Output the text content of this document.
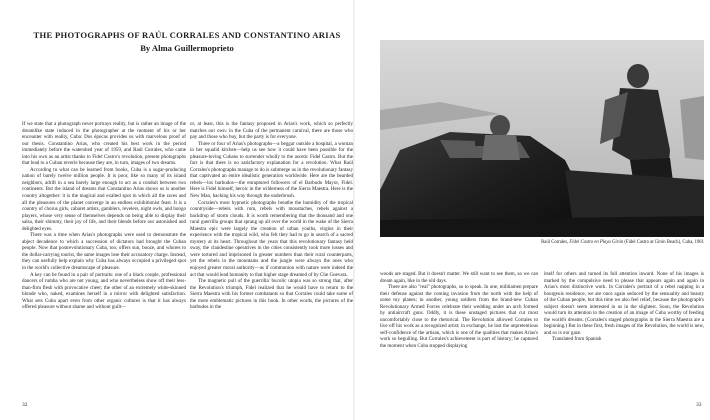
THE PHOTOGRAPHS OF RAÚL CORRALES AND CONSTANTINO ARIAS
By Alma Guillermoprieto

If we state that a photograph never portrays reality, but is rather an image of the dreamlike state induced in the photographer at the moment of his or her encounter with reality, Cuba: Dos épocas provides us with marvelous proof of our thesis. Constantino Arias, who created his best work in the period immediately before the watershed year of 1959, and Raúl Corrales, who came into his own as an artist thanks to Fidel Castro's revolution, present photographs that lead to a Cuban reverie because they are, in turn, images of two dreams.

According to what can be learned from books, Cuba is a sugar-producing nation of barely twelve million people. It is poor, like so many of its island neighbors, adrift in a sea barely large enough to act as a conduit between two continents. But the island of dreams that Constantino Arias shows us is another country altogether: it is the magical and exalted spot in which all the races and all the pleasures of the planet converge in an endless exhibitionist feast. It is a country of chorus girls, cabaret artists, gamblers, revelers, night owls, and bongo players, whose very sense of themselves depends on being able to display their salsa, their shimmy, their joy of life, and their blends before our astonished and delighted eyes.

There was a time when Arias's photographs were used to demonstrate the abject decadence to which a succession of dictators had brought the Cuban people. Now that postrevolutionary Cuba, too, offers sun, booze, and whores to the dollar-carrying tourist, the same images lose their accusatory charge. Instead, they can usefully help explain why Cuba has always occupied a privileged spot in the world's collective dreamscape of pleasure.

A key can be found in a pair of portraits: one of a black couple, professional dancers of rumba who are not young, and who nevertheless show off their less-than-firm flesh with provocative cheer; the other of an extremely white-skinned blonde who, naked, examines herself in a mirror with delighted satisfaction. What sets Cuba apart even from other organic cultures is that it has always offered pleasure without shame and without guilt—

or, at least, this is the fantasy proposed in Arias's work, which so perfectly matches our own: in the Cuba of the permanent carnival, there are those who pay and those who buy, but the party is for everyone.

Three or four of Arias's photographs—a beggar outside a hospital, a woman in her squalid kitchen—help us see how it could have been possible for the pleasure-loving Cubans to surrender wholly to the ascetic Fidel Castro. But the fact is that there is no satisfactory explanation for a revolution. What Raúl Corrales's photographs manage to do is submerge us in the revolutionary fantasy that captivated an entire idealistic generation worldwide. Here are the bearded rebels—los barbudos—the enraptured followers of el Barbudo Mayor, Fidel. Here is Fidel himself, heroic in the wilderness of the Sierra Maestra. Here is the New Man, hacking his way through the underbrush.

Corrales's most hypnotic photographs breathe the humidity of the tropical countryside—rebels with rum, rebels with moustaches, rebels against a backdrop of storm clouds. It is worth remembering that the thousand and one rural guerrilla groups that sprang up all over the world in the wake of the Sierra Maestra epic were largely the creation of urban youths, virgins in their experience with the tropical wild, who felt they had to go in search of a sacred mystery at its heart. Throughout the years that this revolutionary fantasy held sway, the clandestine operatives in the cities consistently took more losses and were tortured and imprisoned in greater numbers than their rural counterparts, yet the rebels in the mountains and the jungle were always the ones who enjoyed greater moral authority—as if communion with nature were indeed the act that would lead humanity to that higher stage dreamed of by Che Guevara.

The magnetic pull of the guerrilla' bucolic utopia was so strong that, after the Revolution's triumph, Fidel realized that he would have to return to the Sierra Maestra with his former combatants so that Corrales could take some of the more emblematic pictures in this book. In other words, the pictures of the barbudos in the

Raúl Corrales, Fidel Castro en Playa Girón (Fidel Castro at Girón Beach), Cuba, 1961

woods are staged. But it doesn't matter. We still want to see them, so we can dream again, like in the old days.

There are also "real" photographs, so to speak. In one, militiamen prepare their defense against the coming invasion from the north with the help of some toy planes; in another, young soldiers from the brand-new Cuban Revolutionary Armed Forces celebrate their wedding under an arch formed by antiaircraft guns. Oddly, it is these unstaged pictures that cut most uncomfortably close to the rhetorical. The Revolution allowed Corrales to live off his work as a recognized artist; in exchange, he lost the unpretentious self-confidence of the artisan, which is one of the qualities that makes Arias's work so beguiling. But Corrales's achievement is part of history; he captured the moment when Cuba stopped displaying

itself for others and turned its full attention inward. None of his images is marked by the compulsive need to please that appears again and again in Arias's most distinctive work. In Corrales's portrait of a rebel napping in a bourgeois residence, we are once again seduced by the sensuality and beauty of the Cuban people, but this time we also feel relief, because the photograph's subject doesn't seem interested in us in the slightest. Soon, the Revolution would turn its attention to the creation of an image of Cuba worthy of feeding the world's dreams. (Corrales's staged photographs in the Sierra Maestra are a beginning.) But in these first, fresh images of the Revolution, the world is new, and so is our gaze.

Translated from Spanish

32	33
